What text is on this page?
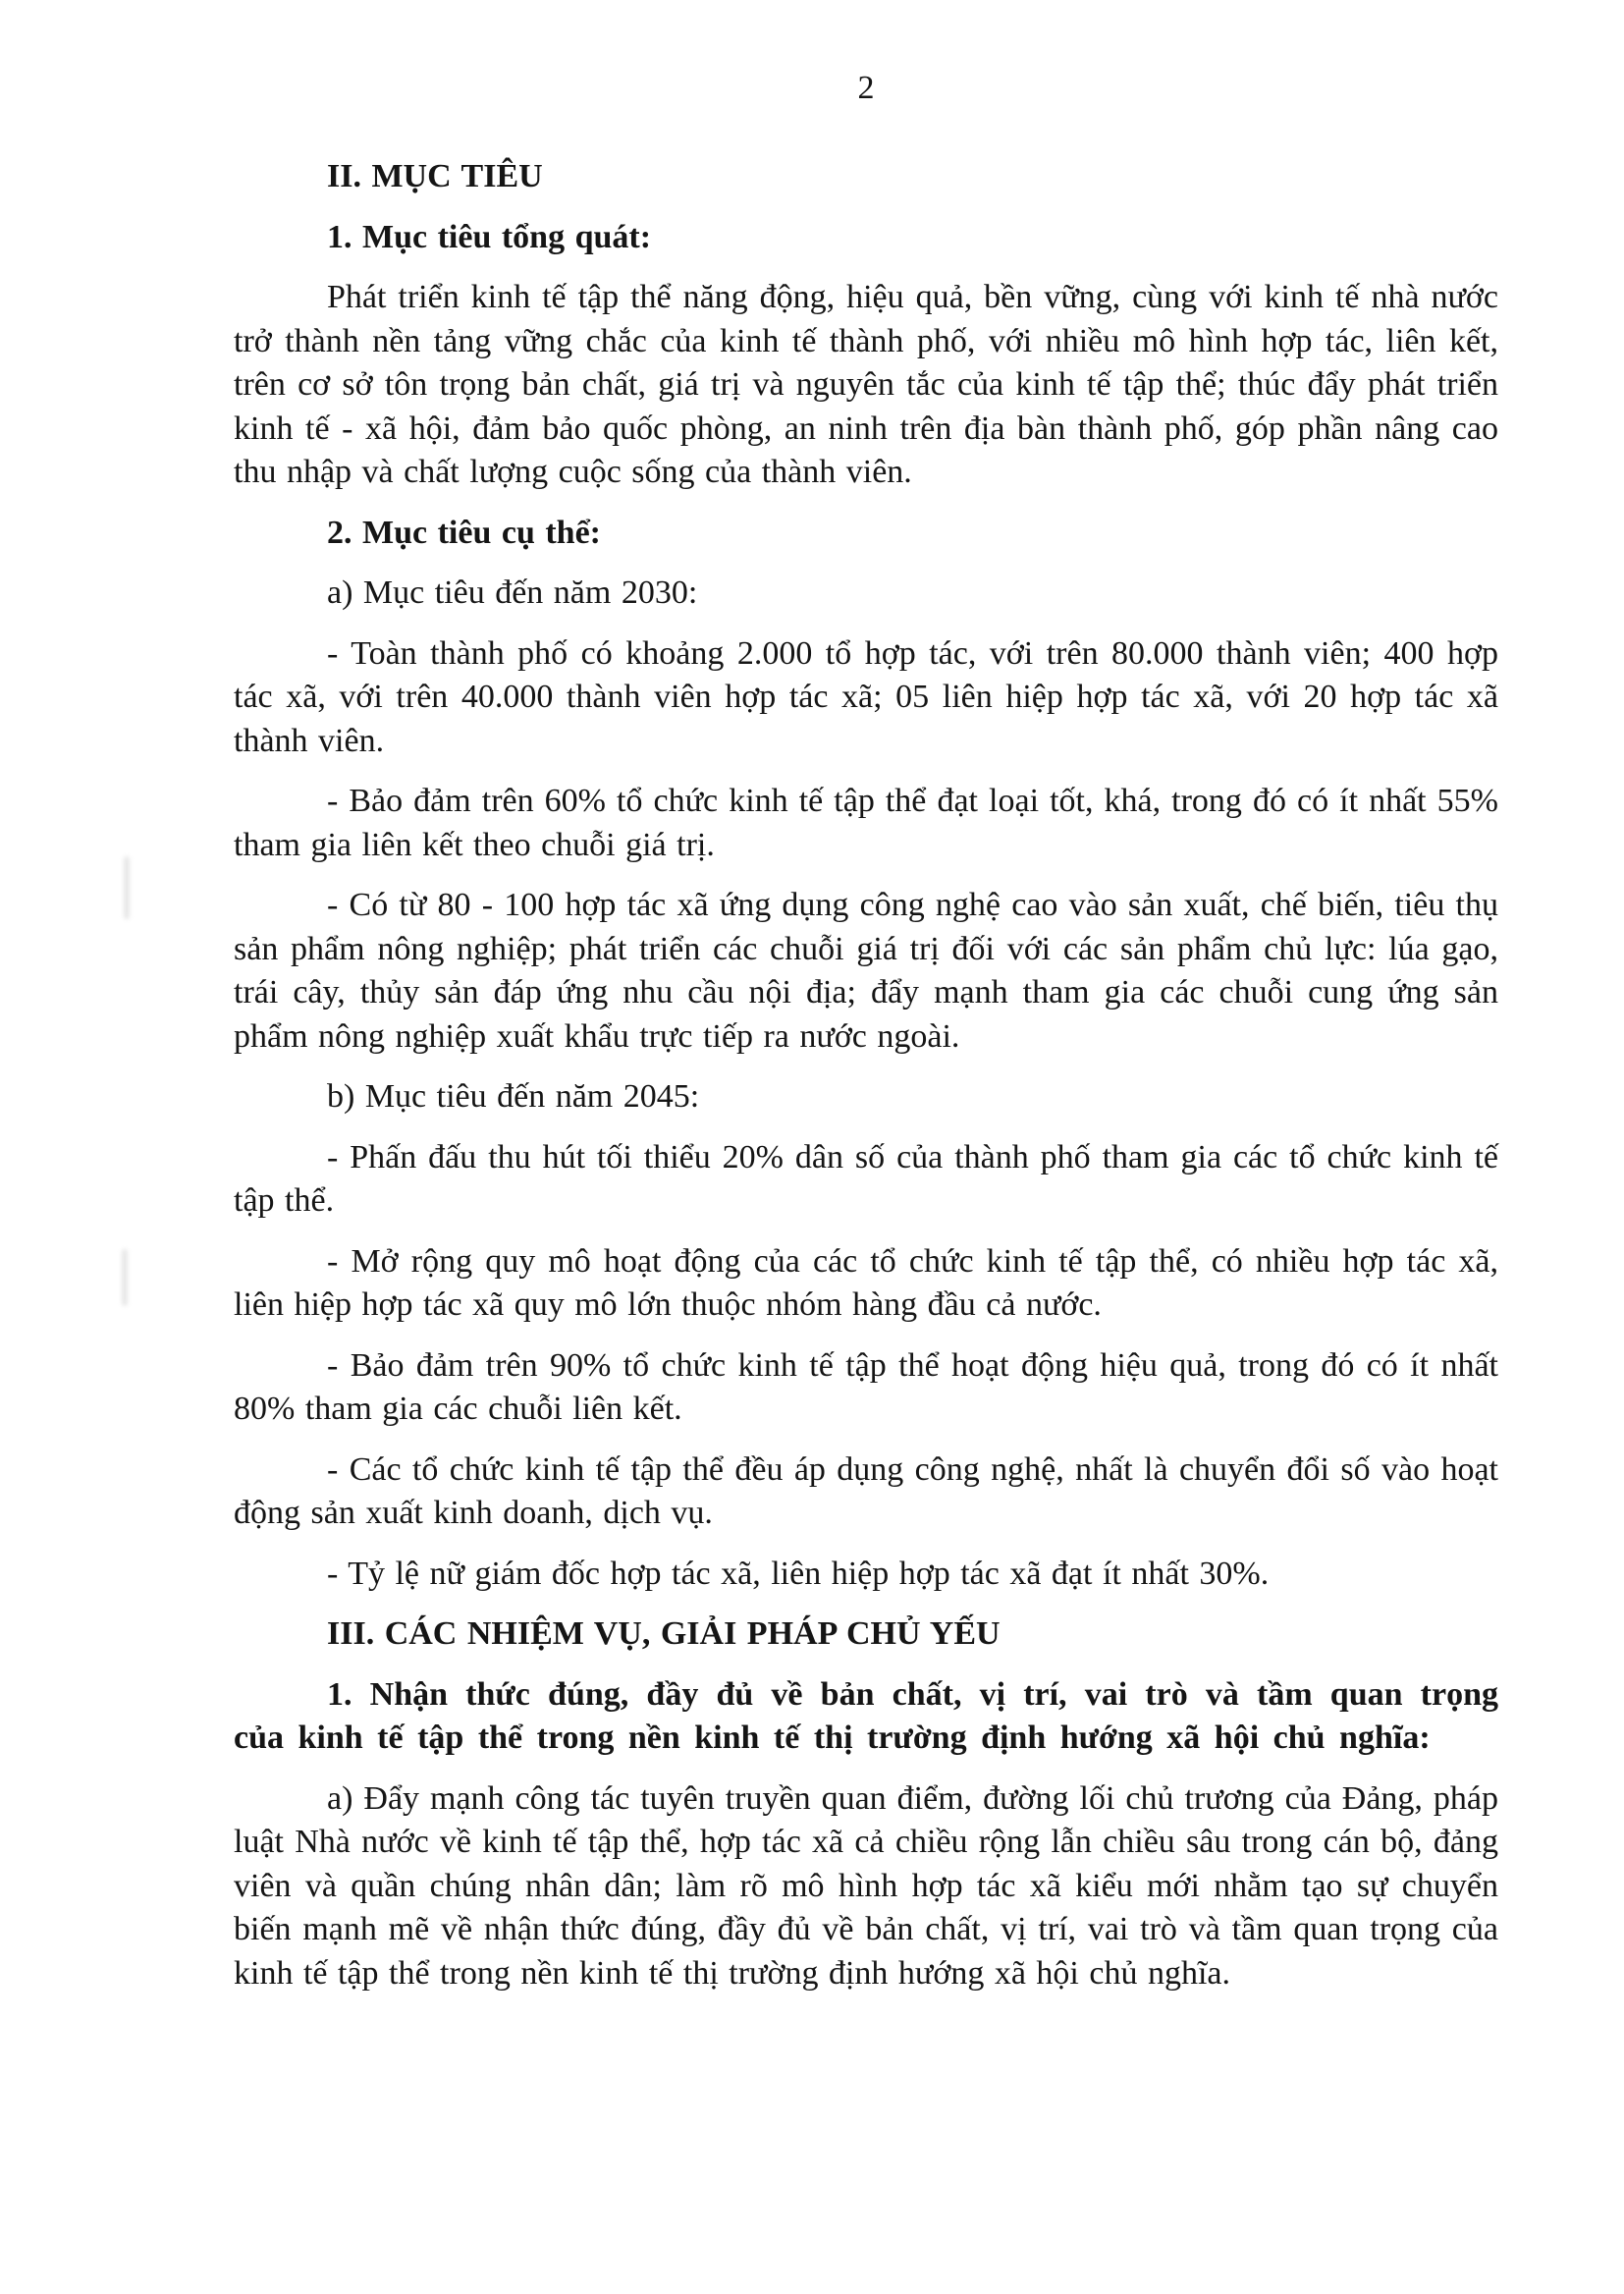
2

II. MỤC TIÊU

1. Mục tiêu tổng quát:

Phát triển kinh tế tập thể năng động, hiệu quả, bền vững, cùng với kinh tế nhà nước trở thành nền tảng vững chắc của kinh tế thành phố, với nhiều mô hình hợp tác, liên kết, trên cơ sở tôn trọng bản chất, giá trị và nguyên tắc của kinh tế tập thể; thúc đẩy phát triển kinh tế - xã hội, đảm bảo quốc phòng, an ninh trên địa bàn thành phố, góp phần nâng cao thu nhập và chất lượng cuộc sống của thành viên.

2. Mục tiêu cụ thể:

a) Mục tiêu đến năm 2030:

- Toàn thành phố có khoảng 2.000 tổ hợp tác, với trên 80.000 thành viên; 400 hợp tác xã, với trên 40.000 thành viên hợp tác xã; 05 liên hiệp hợp tác xã, với 20 hợp tác xã thành viên.

- Bảo đảm trên 60% tổ chức kinh tế tập thể đạt loại tốt, khá, trong đó có ít nhất 55% tham gia liên kết theo chuỗi giá trị.

- Có từ 80 - 100 hợp tác xã ứng dụng công nghệ cao vào sản xuất, chế biến, tiêu thụ sản phẩm nông nghiệp; phát triển các chuỗi giá trị đối với các sản phẩm chủ lực: lúa gạo, trái cây, thủy sản đáp ứng nhu cầu nội địa; đẩy mạnh tham gia các chuỗi cung ứng sản phẩm nông nghiệp xuất khẩu trực tiếp ra nước ngoài.

b) Mục tiêu đến năm 2045:

- Phấn đấu thu hút tối thiểu 20% dân số của thành phố tham gia các tổ chức kinh tế tập thể.

- Mở rộng quy mô hoạt động của các tổ chức kinh tế tập thể, có nhiều hợp tác xã, liên hiệp hợp tác xã quy mô lớn thuộc nhóm hàng đầu cả nước.

- Bảo đảm trên 90% tổ chức kinh tế tập thể hoạt động hiệu quả, trong đó có ít nhất 80% tham gia các chuỗi liên kết.

- Các tổ chức kinh tế tập thể đều áp dụng công nghệ, nhất là chuyển đổi số vào hoạt động sản xuất kinh doanh, dịch vụ.

- Tỷ lệ nữ giám đốc hợp tác xã, liên hiệp hợp tác xã đạt ít nhất 30%.

III. CÁC NHIỆM VỤ, GIẢI PHÁP CHỦ YẾU

1. Nhận thức đúng, đầy đủ về bản chất, vị trí, vai trò và tầm quan trọng của kinh tế tập thể trong nền kinh tế thị trường định hướng xã hội chủ nghĩa:

a) Đẩy mạnh công tác tuyên truyền quan điểm, đường lối chủ trương của Đảng, pháp luật Nhà nước về kinh tế tập thể, hợp tác xã cả chiều rộng lẫn chiều sâu trong cán bộ, đảng viên và quần chúng nhân dân; làm rõ mô hình hợp tác xã kiểu mới nhằm tạo sự chuyển biến mạnh mẽ về nhận thức đúng, đầy đủ về bản chất, vị trí, vai trò và tầm quan trọng của kinh tế tập thể trong nền kinh tế thị trường định hướng xã hội chủ nghĩa.
